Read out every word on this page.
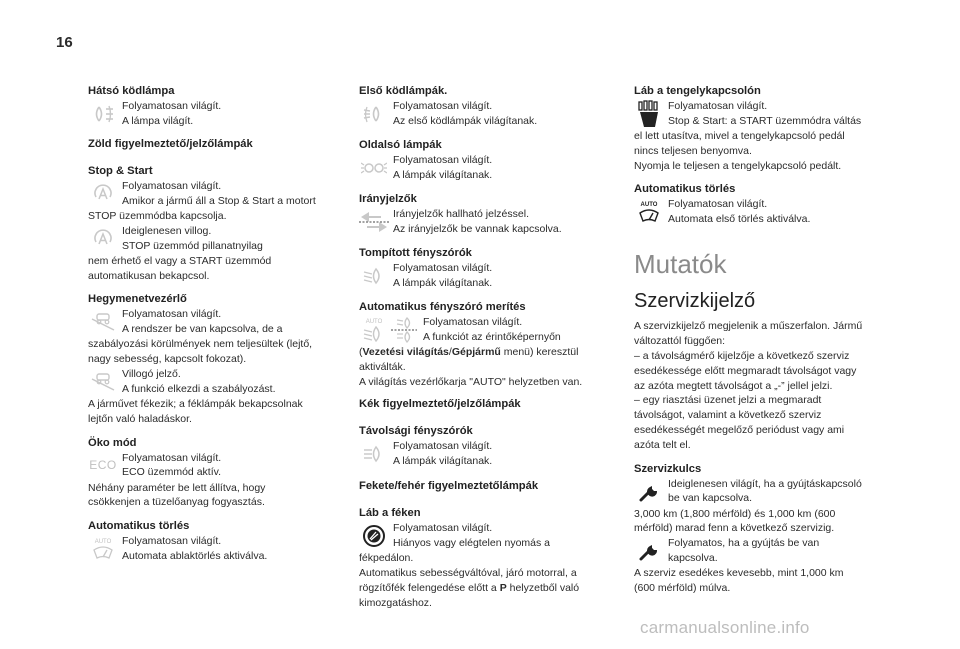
16
Hátsó ködlámpa
Folyamatosan világít.
A lámpa világít.
Zöld figyelmeztető/jelzőlámpák
Stop & Start
Folyamatosan világít.
Amikor a jármű áll a Stop & Start a motort
STOP üzemmódba kapcsolja.
Ideiglenesen villog.
STOP üzemmód pillanatnyilag
nem érhető el vagy a START üzemmód
automatikusan bekapcsol.
Hegymenetvezérlő
Folyamatosan világít.
A rendszer be van kapcsolva, de a
szabályozási körülmények nem teljesültek (lejtő,
nagy sebesség, kapcsolt fokozat).
Villogó jelző.
A funkció elkezdi a szabályozást.
A járművet fékezik; a féklámpák bekapcsolnak
lejtőn való haladáskor.
Öko mód
ECO
Folyamatosan világít.
ECO üzemmód aktív.
Néhány paraméter be lett állítva, hogy
csökkenjen a tüzelőanyag fogyasztás.
Automatikus törlés
AUTO Folyamatosan világít.
Automata ablaktörlés aktiválva.
Első ködlámpák.
Folyamatosan világít.
Az első ködlámpák világítanak.
Oldalsó lámpák
Folyamatosan világít.
A lámpák világítanak.
Irányjelzők
Irányjelzők hallható jelzéssel.
Az irányjelzők be vannak kapcsolva.
Tompított fényszórók
Folyamatosan világít.
A lámpák világítanak.
Automatikus fényszóró merítés
AUTO	Folyamatosan világít.
A funkciót az érintőképernyőn
(Vezetési világítás/Gépjármű menü) keresztül
aktiválták.
A világítás vezérlőkarja "AUTO" helyzetben van.
Kék figyelmeztető/jelzőlámpák
Távolsági fényszórók
Folyamatosan világít.
A lámpák világítanak.
Fekete/fehér figyelmeztetőlámpák
Láb a féken
Folyamatosan világít.
Hiányos vagy elégtelen nyomás a
fékpedálon.
Automatikus sebességváltóval, járó motorral, a
rögzítőfék felengedése előtt a P helyzetből való
kimozgatáshoz.
Láb a tengelykapcsolón
Folyamatosan világít.
Stop & Start: a START üzemmódra váltás
el lett utasítva, mivel a tengelykapcsoló pedál
nincs teljesen benyomva.
Nyomja le teljesen a tengelykapcsoló pedált.
Automatikus törlés
AUTO Folyamatosan világít.
Automata első törlés aktiválva.
Mutatók
Szervizkijelző
A szervizkijelző megjelenik a műszerfalon. Jármű
változattól függően:
– a távolságmérő kijelzője a következő szerviz
esedékessége előtt megmaradt távolságot vagy
az azóta megtett távolságot a „-” jellel jelzi.
– egy riasztási üzenet jelzi a megmaradt
távolságot, valamint a következő szerviz
esedékességét megelőző periódust vagy ami
azóta telt el.
Szervizkulcs
Ideiglenesen világít, ha a gyújtáskapcsoló
be van kapcsolva.
3,000 km (1,800 mérföld) és 1,000 km (600
mérföld) marad fenn a következő szervizig.
Folyamatos, ha a gyújtás be van
kapcsolva.
A szerviz esedékes kevesebb, mint 1,000 km
(600 mérföld) múlva.
carmanualsonline.info
